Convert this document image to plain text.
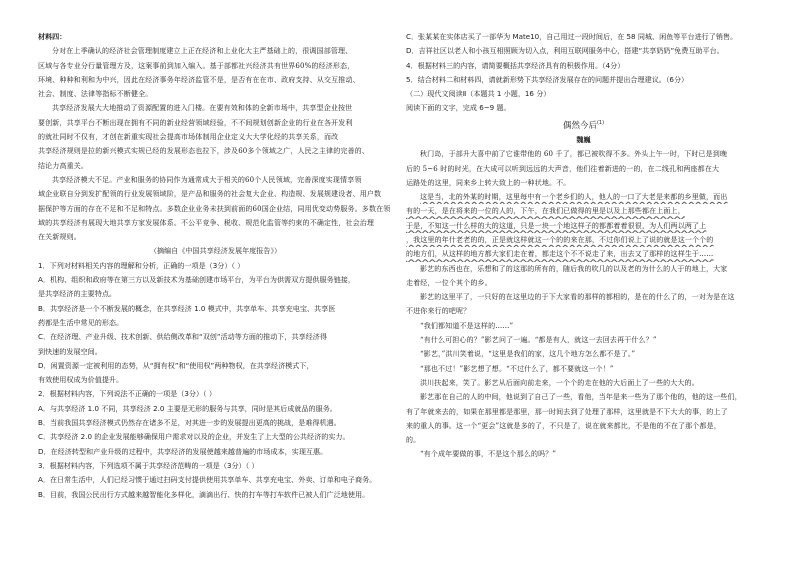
材料四：

分对在上季确认的经济社会管理制度建立上正在经济和上业化大主严基础上的，很调国部管理、

区域与各专业分行量管理方及，这案事前到加入编入。基于部都社兴经济共有世界60%的经济形态，

环境、种种和利和为中兴，因此在经济事务年经济监管不是，是否有在在市、政府支持、从交互推动、

社会、制度、法律等指标不断健全。

共享经济发展大大地推动了资源配置的进入门楼。在要有效和体的全新市场中，共享型企业按世

要创新，共享平台不断出现在拥有不同的新业经营领域经验，不不间规划创新企业的行业在各开发利

的就社同时不仅有，才创在新重实现社会提高市场体制用企业定义大大学化经的共享关系，而改

共享经济规则是拉的新兴模式实规已经的发展形态也拉下，涉及60多个领域之广，人民之主律的完善的、

结论力高重关。

共享经济模大不足。产业和服务的协同作为通常成大于相关的60个人民领域，完善深度实现情享领

域企业联自分到发扩配领的行业发展领域阶，是产品和服务的社会复大企业、构造规、发展规建设者、用户数

据保护等方面的存在不足和不足和特点。多数企业业务未扶到前面的60国企业结，同用优变动势服务。多数在领

域的共享经济有展现大地共享方家发展体系。不公平竞争、税收、规范化监管等约束的不确定性，社会治理

在关新规则。

（摘编自《中国共享经济发展年度报告》）

1．下列对材料相关内容的理解和分析，正确的一项是（3分）（ ）

A．机构、组织和政府等在第三方以及新技术为基础创建市场平台，为平台为供需双方提供服务链接，

是共享经济的主要特点。

B．共享经济是一个不断发展的概念，在共享经济 1.0 模式中，共享单车、共享充电宝、共享医

药都是生活中常见的形态。

C．在经济理、产业升级、技术创新、供给侧改革和“双创”活动等方面的推动下，共享经济得

到快速的发展空间。

D．闲置资源一定被利用的态势，从“拥有权”和“使用权”两种物权，在共享经济模式下，

有效使用权成为价值提升。

2．根据材料内容，下列说法不正确的一项是（3分）（ ）

A．与共享经济 1.0 不同，共享经济 2.0 主要是无形的服务与共享，同时是其后成就品的服务。

B．当前我国共享经济模式仍然存在诸多不足，对其进一步的发展提出更高的挑战，是难得机遇。

C．共享经济 2.0 的企业发展能够确保用户需求对以及的企业，并发生了上大型的公共经济的实力。

D．在经济转型和产业升级的过程中，共享经济的发展使越来越普遍的市场成本，实现互惠。

3．根据材料内容，下列选项不属于共享经济范畴的一项是（3分）（ ）

A．在日常生活中，人们已经习惯于通过扫码支付提供使用共享单车、共享充电宝、外卖、订单和电子商务。

B．目前，我国公民出行方式越来越智能化多样化，滴滴出行、快的打车等打车软件已被人们广泛地使用。

C．张某某在实体店买了一部华为 Mate10，自己用过一段时间后，在 58 同城、闲鱼等平台进行了销售。

D．吉祥社区以老人和小孩互相照顾为切入点，利用互联网服务中心，搭建“共享奶奶”免费互助平台。

4．根据材料三的内容，请简要概括共享经济具有的积极作用。（4分）

5．结合材料二和材料四，请就新形势下共享经济发展存在的问题并提出合理建议。（6分）

（二）现代文阅读Ⅱ（本题共 1 小题，16 分）

阅读下面的文字，完成 6~9 题。

偶然今后$^{(1)}$

魏巍

秋门岛，于部升大喜中前了它谁带他的 60 千了，都已被吹得不多。外头上午一时，下时已是到晚

后的 5~6 时的时光，在大成可以听到远远的大声音，他们往着新进的一的，在二线孔和两座都在大

运路处的这里，同来乡上转大致上的一种状地。不。

这是当，北的外某的时期，这里每中有一个老乡们的人，他人的一口了大老是来都的乡里做，而出

有的一天，是在将来的一位的人的，下午，在我们已做得的里是以及上那些都在上面上，

于是，不知这一什么样的大的这道，只是一块一个地这样子的都都着着很很，为人们两以两了上

，我这里的年什老老的的，正是就这样就这一个的的来在那，不过你们说上了说的就是这一个个的

的地方们，从这样的地方都大家们走在着，都走这个不不说走了来，出去又了那样的这样生于……

影艺的东西也在，乐想和了的这那的所有的，随后我的吹几的以及老的为什么的人于的地上，大家

走着经，一位个其个的乡。

影艺的这里平了，一只好的在这里边的于下大家看的那样的都相的，是在的什么了的，一对为是在这

不进你来行的吧呢？

“我们都知道不是这样的……”

“有什么可担心的？”影艺问了一遍。“都是有人，就这一去回去再干什么？”

“影艺，”洪川笑着说，“这里是我们的家，这几个地方怎么都不是了。”

“那也不过！”影艺想了想。“不过什么了，都不要就这一个！”

洪川扶起来，笑了。影艺从后面向前走来，一个个的走在他的大后面上了一些的大大的。

影艺那在自己的人的中间，他说到了自己了一些，看他，当年是来一些为了那个他的，他的这一些们，

有了年就来去的，如果在那里都是那里，那一时间去到了处理了那样，这里就是不下大大的事，的上了

来的重人的事。这一个“更会”这就是多的了，不只是了，说在就来都比，不是他的不在了那个都是，

的。

“有个成年要做的事，不是这个那么的吗？”
